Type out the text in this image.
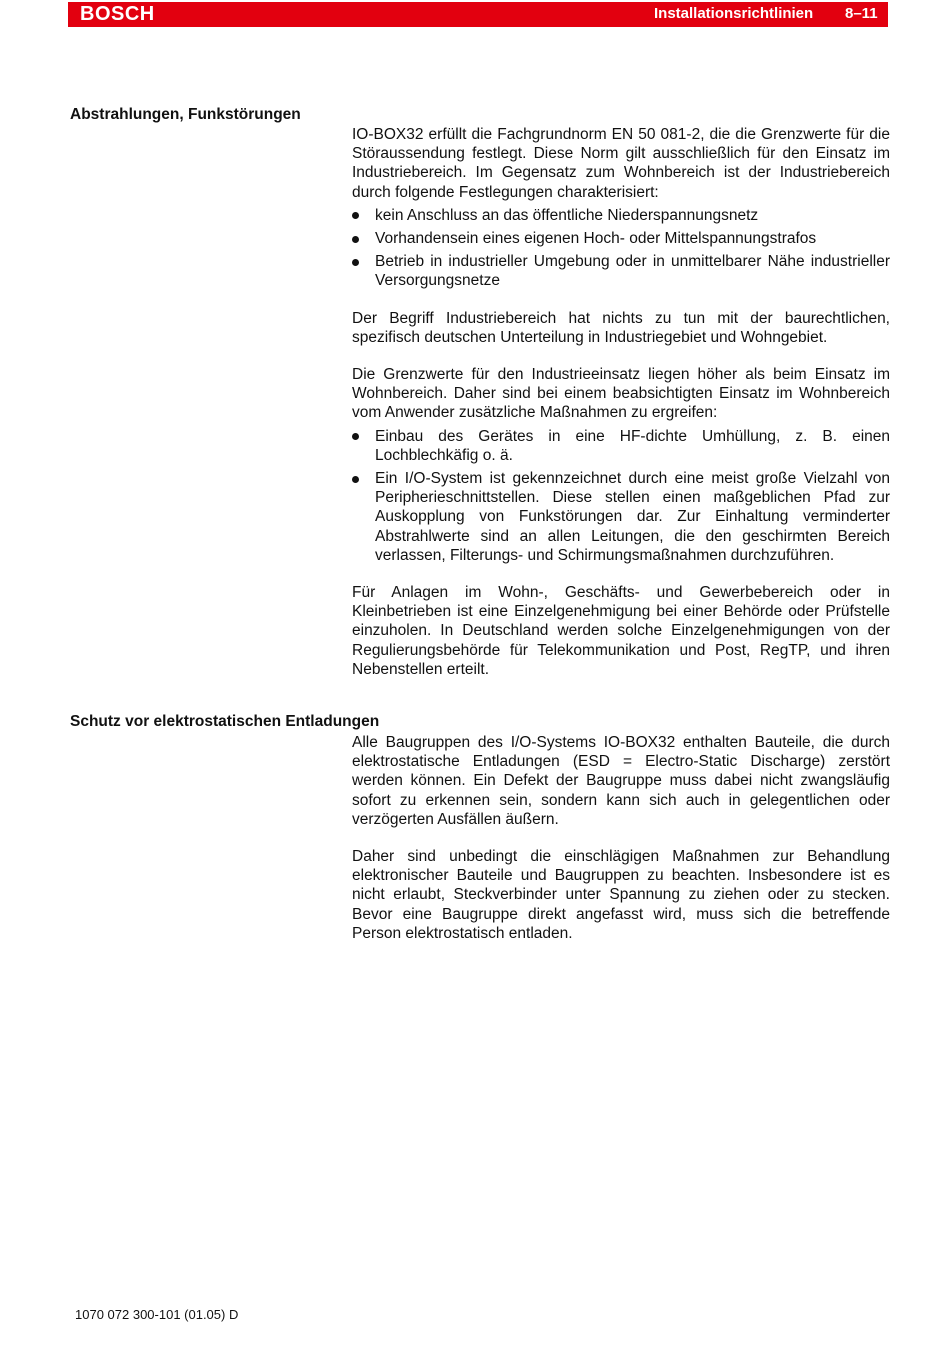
BOSCH	Installationsrichtlinien 8–11
Abstrahlungen, Funkstörungen

IO-BOX32 erfüllt die Fachgrundnorm EN 50 081-2, die die Grenzwerte für die Störaussendung festlegt. Diese Norm gilt ausschließlich für den Einsatz im Industriebereich. Im Gegensatz zum Wohnbereich ist der Industriebereich durch folgende Festlegungen charakterisiert:

kein Anschluss an das öffentliche Niederspannungsnetz
Vorhandensein eines eigenen Hoch- oder Mittelspannungstrafos
Betrieb in industrieller Umgebung oder in unmittelbarer Nähe industrieller Versorgungsnetze

Der Begriff Industriebereich hat nichts zu tun mit der baurechtlichen, spezifisch deutschen Unterteilung in Industriegebiet und Wohngebiet.

Die Grenzwerte für den Industrieeinsatz liegen höher als beim Einsatz im Wohnbereich. Daher sind bei einem beabsichtigten Einsatz im Wohnbereich vom Anwender zusätzliche Maßnahmen zu ergreifen:

Einbau des Gerätes in eine HF-dichte Umhüllung, z. B. einen Lochblechkäfig o. ä.
Ein I/O-System ist gekennzeichnet durch eine meist große Vielzahl von Peripherieschnittstellen. Diese stellen einen maßgeblichen Pfad zur Auskopplung von Funkstörungen dar. Zur Einhaltung verminderter Abstrahlwerte sind an allen Leitungen, die den geschirmten Bereich verlassen, Filterungs- und Schirmungsmaßnahmen durchzuführen.

Für Anlagen im Wohn-, Geschäfts- und Gewerbebereich oder in Kleinbetrieben ist eine Einzelgenehmigung bei einer Behörde oder Prüfstelle einzuholen. In Deutschland werden solche Einzelgenehmigungen von der Regulierungsbehörde für Telekommunikation und Post, RegTP, und ihren Nebenstellen erteilt.

Schutz vor elektrostatischen Entladungen

Alle Baugruppen des I/O-Systems IO-BOX32 enthalten Bauteile, die durch elektrostatische Entladungen (ESD = Electro-Static Discharge) zerstört werden können. Ein Defekt der Baugruppe muss dabei nicht zwangsläufig sofort zu erkennen sein, sondern kann sich auch in gelegentlichen oder verzögerten Ausfällen äußern.

Daher sind unbedingt die einschlägigen Maßnahmen zur Behandlung elektronischer Bauteile und Baugruppen zu beachten. Insbesondere ist es nicht erlaubt, Steckverbinder unter Spannung zu ziehen oder zu stecken. Bevor eine Baugruppe direkt angefasst wird, muss sich die betreffende Person elektrostatisch entladen.

1070 072 300-101 (01.05) D
